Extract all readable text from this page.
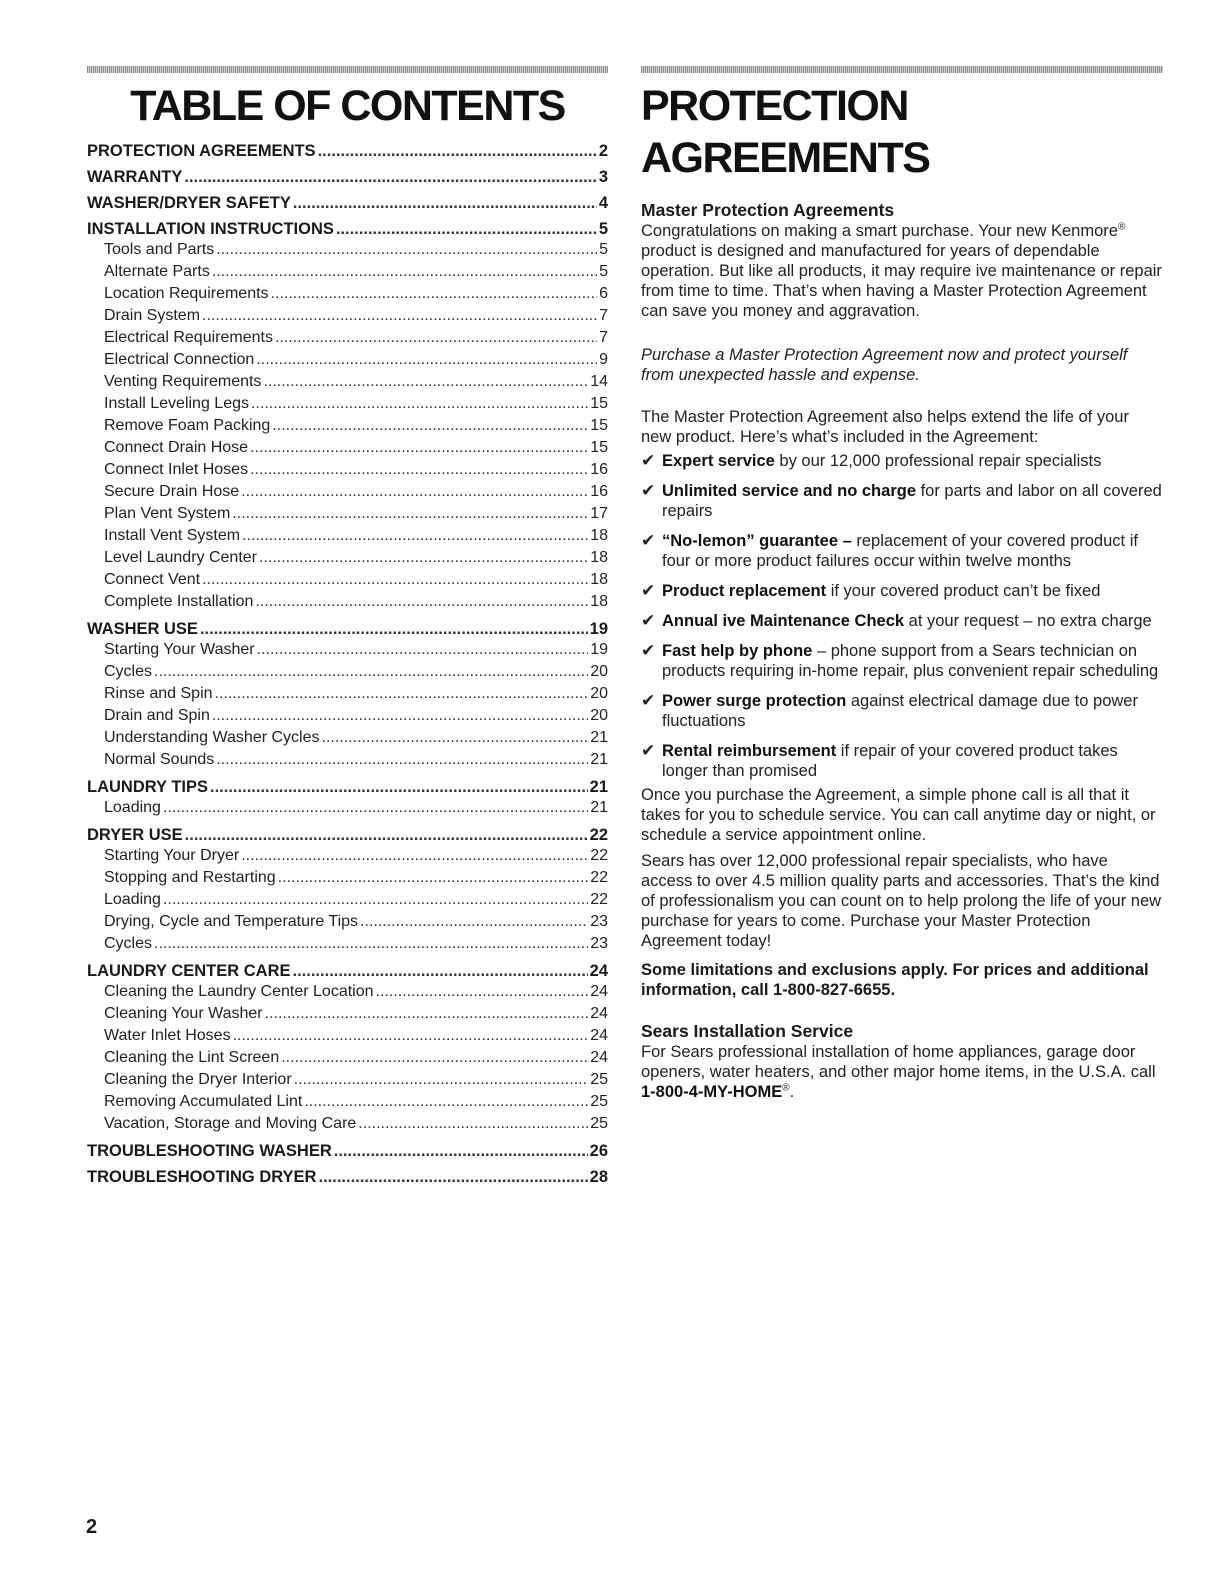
TABLE OF CONTENTS
PROTECTION AGREEMENTS .....	2
WARRANTY .....	3
WASHER/DRYER SAFETY .....	4
INSTALLATION INSTRUCTIONS .....	5
Tools and Parts .....	5
Alternate Parts .....	5
Location Requirements .....	6
Drain System .....	7
Electrical Requirements .....	7
Electrical Connection .....	9
Venting Requirements .....	14
Install Leveling Legs .....	15
Remove Foam Packing .....	15
Connect Drain Hose .....	15
Connect Inlet Hoses .....	16
Secure Drain Hose .....	16
Plan Vent System .....	17
Install Vent System .....	18
Level Laundry Center .....	18
Connect Vent .....	18
Complete Installation .....	18
WASHER USE .....	19
Starting Your Washer .....	19
Cycles .....	20
Rinse and Spin .....	20
Drain and Spin .....	20
Understanding Washer Cycles .....	21
Normal Sounds .....	21
LAUNDRY TIPS .....	21
Loading .....	21
DRYER USE .....	22
Starting Your Dryer .....	22
Stopping and Restarting .....	22
Loading .....	22
Drying, Cycle and Temperature Tips .....	23
Cycles .....	23
LAUNDRY CENTER CARE .....	24
Cleaning the Laundry Center Location .....	24
Cleaning Your Washer .....	24
Water Inlet Hoses .....	24
Cleaning the Lint Screen .....	24
Cleaning the Dryer Interior .....	25
Removing Accumulated Lint .....	25
Vacation, Storage and Moving Care .....	25
TROUBLESHOOTING WASHER .....	26
TROUBLESHOOTING DRYER .....	28
PROTECTION AGREEMENTS
Master Protection Agreements

Congratulations on making a smart purchase. Your new Kenmore® product is designed and manufactured for years of dependable operation. But like all products, it may require ive maintenance or repair from time to time. That’s when having a Master Protection Agreement can save you money and aggravation.

Purchase a Master Protection Agreement now and protect yourself from unexpected hassle and expense.

The Master Protection Agreement also helps extend the life of your new product. Here’s what’s included in the Agreement:

✔ Expert service by our 12,000 professional repair specialists
✔ Unlimited service and no charge for parts and labor on all covered repairs
✔ “No-lemon” guarantee – replacement of your covered product if four or more product failures occur within twelve months
✔ Product replacement if your covered product can’t be fixed
✔ Annual ive Maintenance Check at your request – no extra charge
✔ Fast help by phone – phone support from a Sears technician on products requiring in-home repair, plus convenient repair scheduling
✔ Power surge protection against electrical damage due to power fluctuations
✔ Rental reimbursement if repair of your covered product takes longer than promised

Once you purchase the Agreement, a simple phone call is all that it takes for you to schedule service. You can call anytime day or night, or schedule a service appointment online.

Sears has over 12,000 professional repair specialists, who have access to over 4.5 million quality parts and accessories. That’s the kind of professionalism you can count on to help prolong the life of your new purchase for years to come. Purchase your Master Protection Agreement today!

Some limitations and exclusions apply. For prices and additional information, call 1-800-827-6655.

Sears Installation Service

For Sears professional installation of home appliances, garage door openers, water heaters, and other major home items, in the U.S.A. call 1-800-4-MY-HOME®.

2
